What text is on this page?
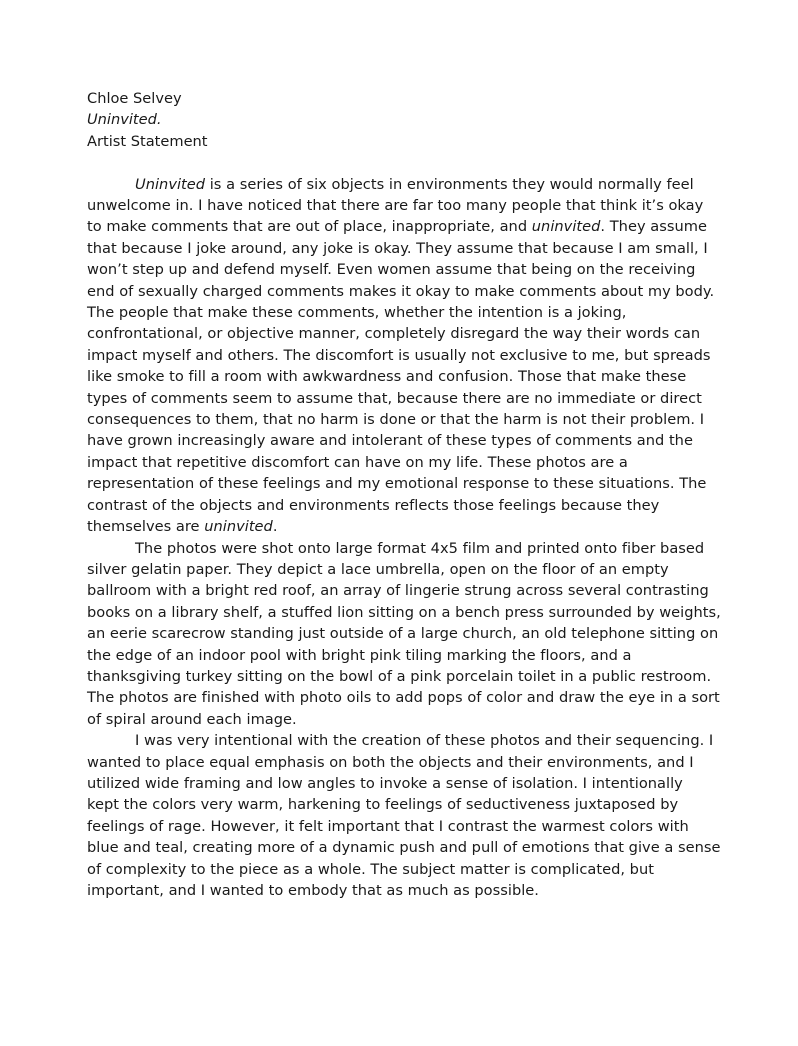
Chloe Selvey
Uninvited.
Artist Statement
Uninvited is a series of six objects in environments they would normally feel
unwelcome in. I have noticed that there are far too many people that think it’s okay
to make comments that are out of place, inappropriate, and uninvited. They assume
that because I joke around, any joke is okay. They assume that because I am small, I
won’t step up and defend myself. Even women assume that being on the receiving
end of sexually charged comments makes it okay to make comments about my body.
The people that make these comments, whether the intention is a joking,
confrontational, or objective manner, completely disregard the way their words can
impact myself and others. The discomfort is usually not exclusive to me, but spreads
like smoke to fill a room with awkwardness and confusion. Those that make these
types of comments seem to assume that, because there are no immediate or direct
consequences to them, that no harm is done or that the harm is not their problem. I
have grown increasingly aware and intolerant of these types of comments and the
impact that repetitive discomfort can have on my life. These photos are a
representation of these feelings and my emotional response to these situations. The
contrast of the objects and environments reflects those feelings because they
themselves are uninvited.
The photos were shot onto large format 4x5 film and printed onto fiber based
silver gelatin paper. They depict a lace umbrella, open on the floor of an empty
ballroom with a bright red roof, an array of lingerie strung across several contrasting
books on a library shelf, a stuffed lion sitting on a bench press surrounded by weights,
an eerie scarecrow standing just outside of a large church, an old telephone sitting on
the edge of an indoor pool with bright pink tiling marking the floors, and a
thanksgiving turkey sitting on the bowl of a pink porcelain toilet in a public restroom.
The photos are finished with photo oils to add pops of color and draw the eye in a sort
of spiral around each image.
I was very intentional with the creation of these photos and their sequencing. I
wanted to place equal emphasis on both the objects and their environments, and I
utilized wide framing and low angles to invoke a sense of isolation. I intentionally
kept the colors very warm, harkening to feelings of seductiveness juxtaposed by
feelings of rage. However, it felt important that I contrast the warmest colors with
blue and teal, creating more of a dynamic push and pull of emotions that give a sense
of complexity to the piece as a whole. The subject matter is complicated, but
important, and I wanted to embody that as much as possible.
